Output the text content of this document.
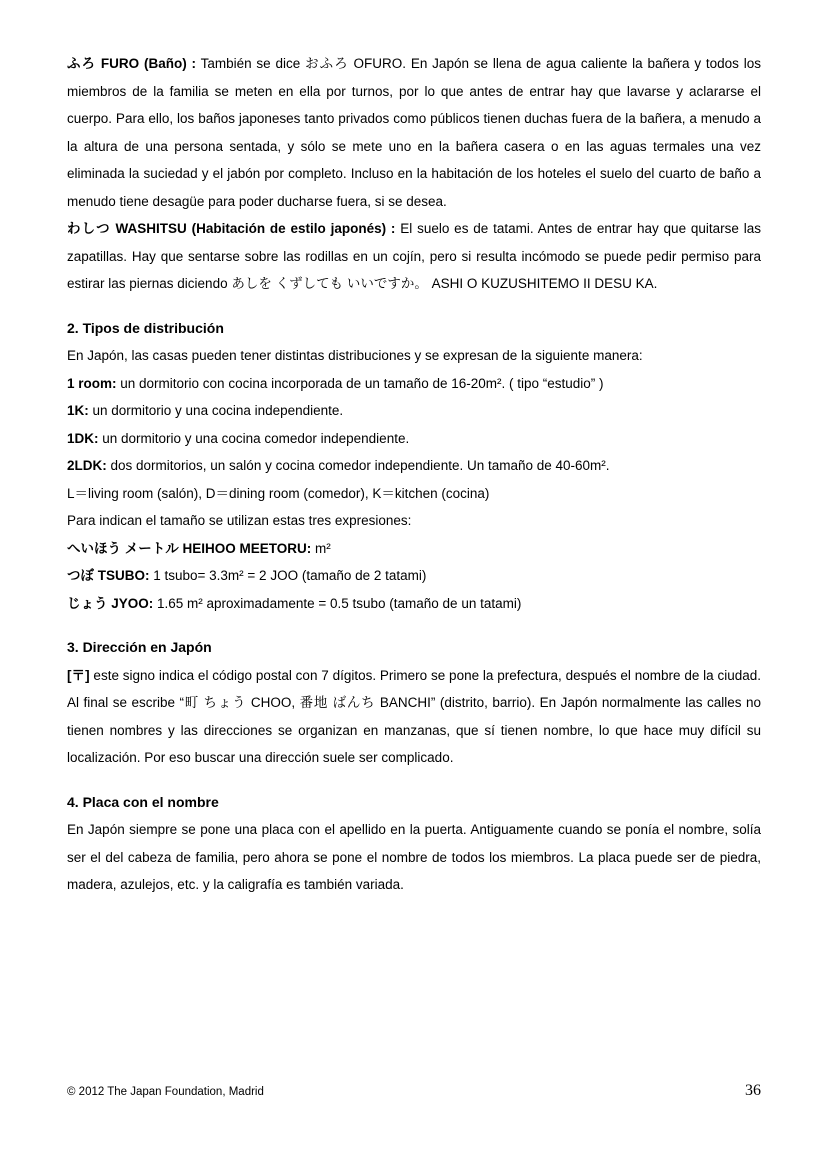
ふろ FURO (Baño) : También se dice おふろ OFURO. En Japón se llena de agua caliente la bañera y todos los miembros de la familia se meten en ella por turnos, por lo que antes de entrar hay que lavarse y aclararse el cuerpo. Para ello, los baños japoneses tanto privados como públicos tienen duchas fuera de la bañera, a menudo a la altura de una persona sentada, y sólo se mete uno en la bañera casera o en las aguas termales una vez eliminada la suciedad y el jabón por completo. Incluso en la habitación de los hoteles el suelo del cuarto de baño a menudo tiene desagüe para poder ducharse fuera, si se desea.

わしつ WASHITSU (Habitación de estilo japonés) : El suelo es de tatami. Antes de entrar hay que quitarse las zapatillas. Hay que sentarse sobre las rodillas en un cojín, pero si resulta incómodo se puede pedir permiso para estirar las piernas diciendo あしを くずしても いいですか。 ASHI O KUZUSHITEMO II DESU KA.

2. Tipos de distribución

En Japón, las casas pueden tener distintas distribuciones y se expresan de la siguiente manera:

1 room: un dormitorio con cocina incorporada de un tamaño de 16-20m². ( tipo “estudio” )

1K: un dormitorio y una cocina independiente.

1DK: un dormitorio y una cocina comedor independiente.

2LDK: dos dormitorios, un salón y cocina comedor independiente. Un tamaño de 40-60m².

L＝living room (salón), D＝dining room (comedor), K＝kitchen (cocina)

Para indican el tamaño se utilizan estas tres expresiones:

へいほう メートル HEIHOO MEETORU: m²

つぼ TSUBO: 1 tsubo= 3.3m² = 2 JOO (tamaño de 2 tatami)

じょう JYOO: 1.65 m² aproximadamente = 0.5 tsubo (tamaño de un tatami)

3. Dirección en Japón

[〒] este signo indica el código postal con 7 dígitos. Primero se pone la prefectura, después el nombre de la ciudad. Al final se escribe “町 ちょう CHOO, 番地 ばんち BANCHI” (distrito, barrio). En Japón normalmente las calles no tienen nombres y las direcciones se organizan en manzanas, que sí tienen nombre, lo que hace muy difícil su localización. Por eso buscar una dirección suele ser complicado.

4. Placa con el nombre

En Japón siempre se pone una placa con el apellido en la puerta. Antiguamente cuando se ponía el nombre, solía ser el del cabeza de familia, pero ahora se pone el nombre de todos los miembros. La placa puede ser de piedra, madera, azulejos, etc. y la caligrafía es también variada.

© 2012 The Japan Foundation, Madrid	36
